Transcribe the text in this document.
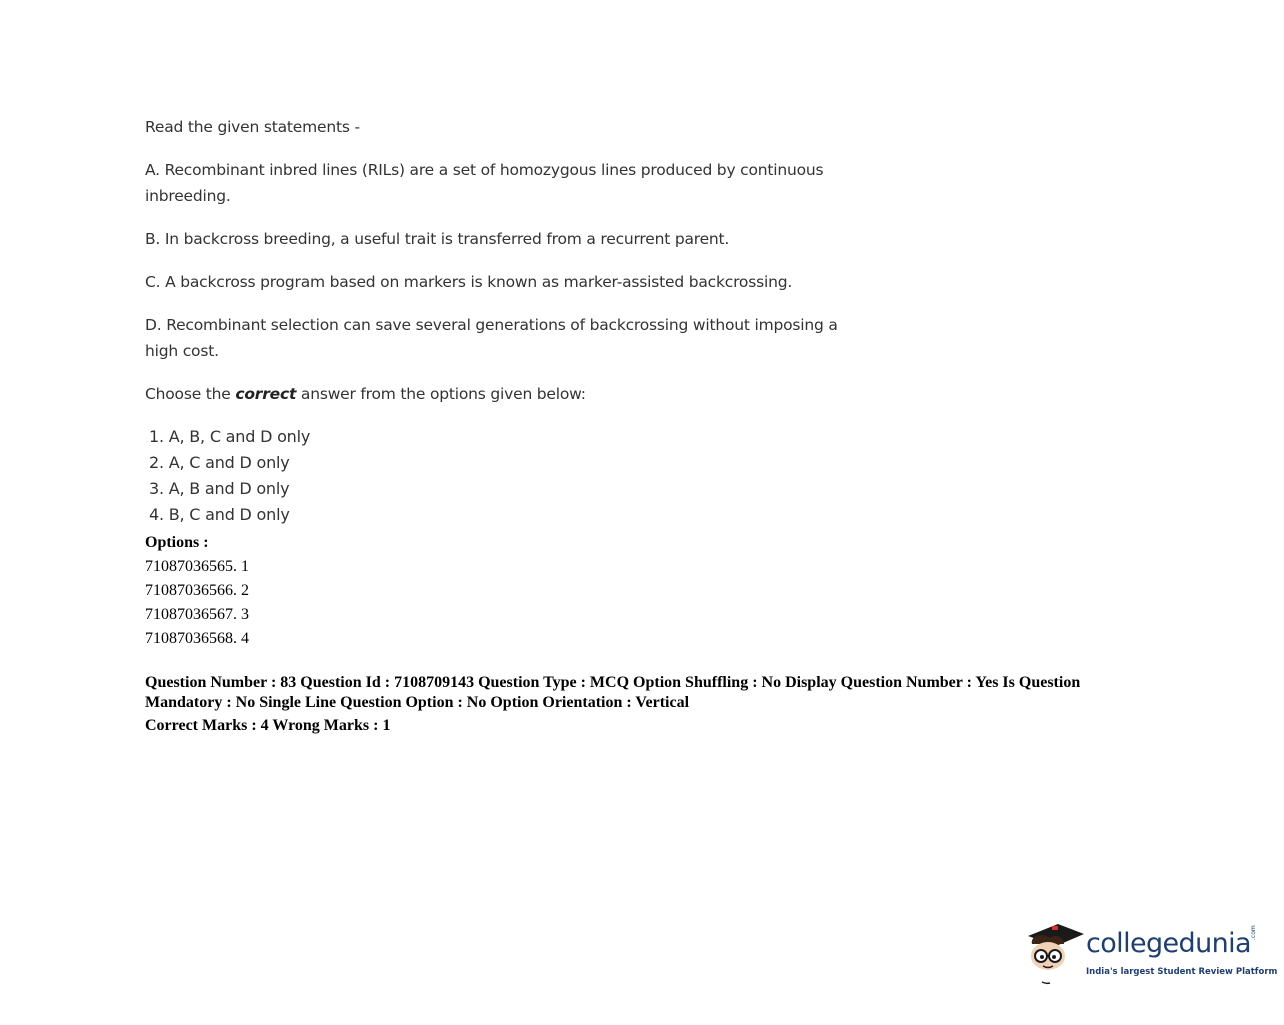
Read the given statements -

A. Recombinant inbred lines (RILs) are a set of homozygous lines produced by continuous inbreeding.

B. In backcross breeding, a useful trait is transferred from a recurrent parent.

C. A backcross program based on markers is known as marker-assisted backcrossing.

D. Recombinant selection can save several generations of backcrossing without imposing a high cost.

Choose the correct answer from the options given below:

1. A, B, C and D only
2. A, C and D only
3. A, B and D only
4. B, C and D only
Options :
71087036565. 1
71087036566. 2
71087036567. 3
71087036568. 4
Question Number : 83 Question Id : 7108709143 Question Type : MCQ Option Shuffling : No Display Question Number : Yes Is Question Mandatory : No Single Line Question Option : No Option Orientation : Vertical
Correct Marks : 4 Wrong Marks : 1
collegedunia .com
India's largest Student Review Platform
